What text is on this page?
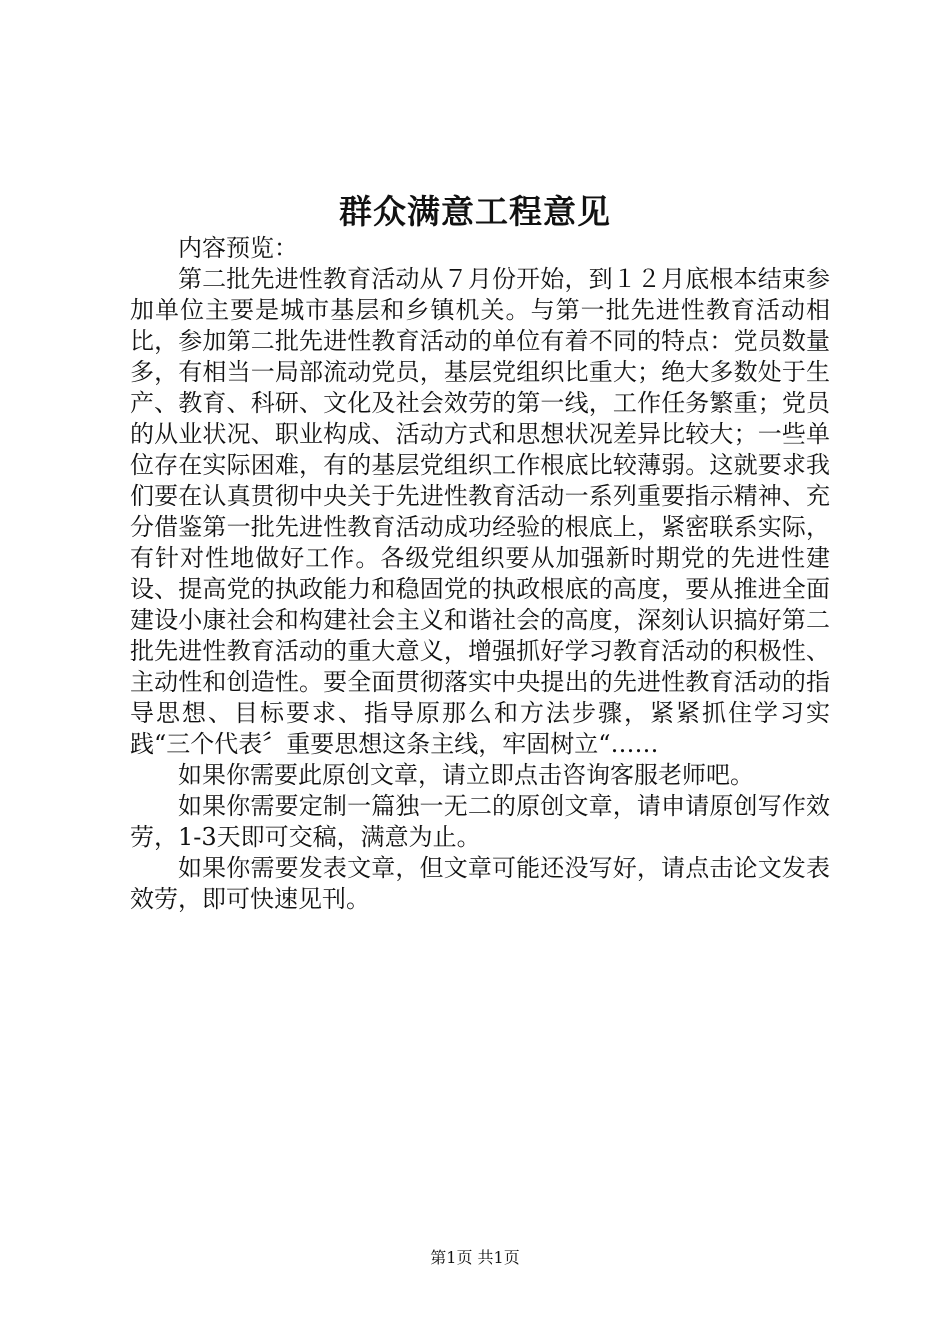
群众满意工程意见

内容预览：

第二批先进性教育活动从７月份开始，到１２月底根本结束参加单位主要是城市基层和乡镇机关。与第一批先进性教育活动相比，参加第二批先进性教育活动的单位有着不同的特点：党员数量多，有相当一局部流动党员，基层党组织比重大；绝大多数处于生产、教育、科研、文化及社会效劳的第一线，工作任务繁重；党员的从业状况、职业构成、活动方式和思想状况差异比较大；一些单位存在实际困难，有的基层党组织工作根底比较薄弱。这就要求我们要在认真贯彻中央关于先进性教育活动一系列重要指示精神、充分借鉴第一批先进性教育活动成功经验的根底上，紧密联系实际，有针对性地做好工作。各级党组织要从加强新时期党的先进性建设、提高党的执政能力和稳固党的执政根底的高度，要从推进全面建设小康社会和构建社会主义和谐社会的高度，深刻认识搞好第二批先进性教育活动的重大意义，增强抓好学习教育活动的积极性、主动性和创造性。要全面贯彻落实中央提出的先进性教育活动的指导思想、目标要求、指导原那么和方法步骤，紧紧抓住学习实践“三个代表〞重要思想这条主线，牢固树立“……

如果你需要此原创文章，请立即点击咨询客服老师吧。

如果你需要定制一篇独一无二的原创文章，请申请原创写作效劳，1-3天即可交稿，满意为止。

如果你需要发表文章，但文章可能还没写好，请点击论文发表效劳，即可快速见刊。

第1页 共1页
